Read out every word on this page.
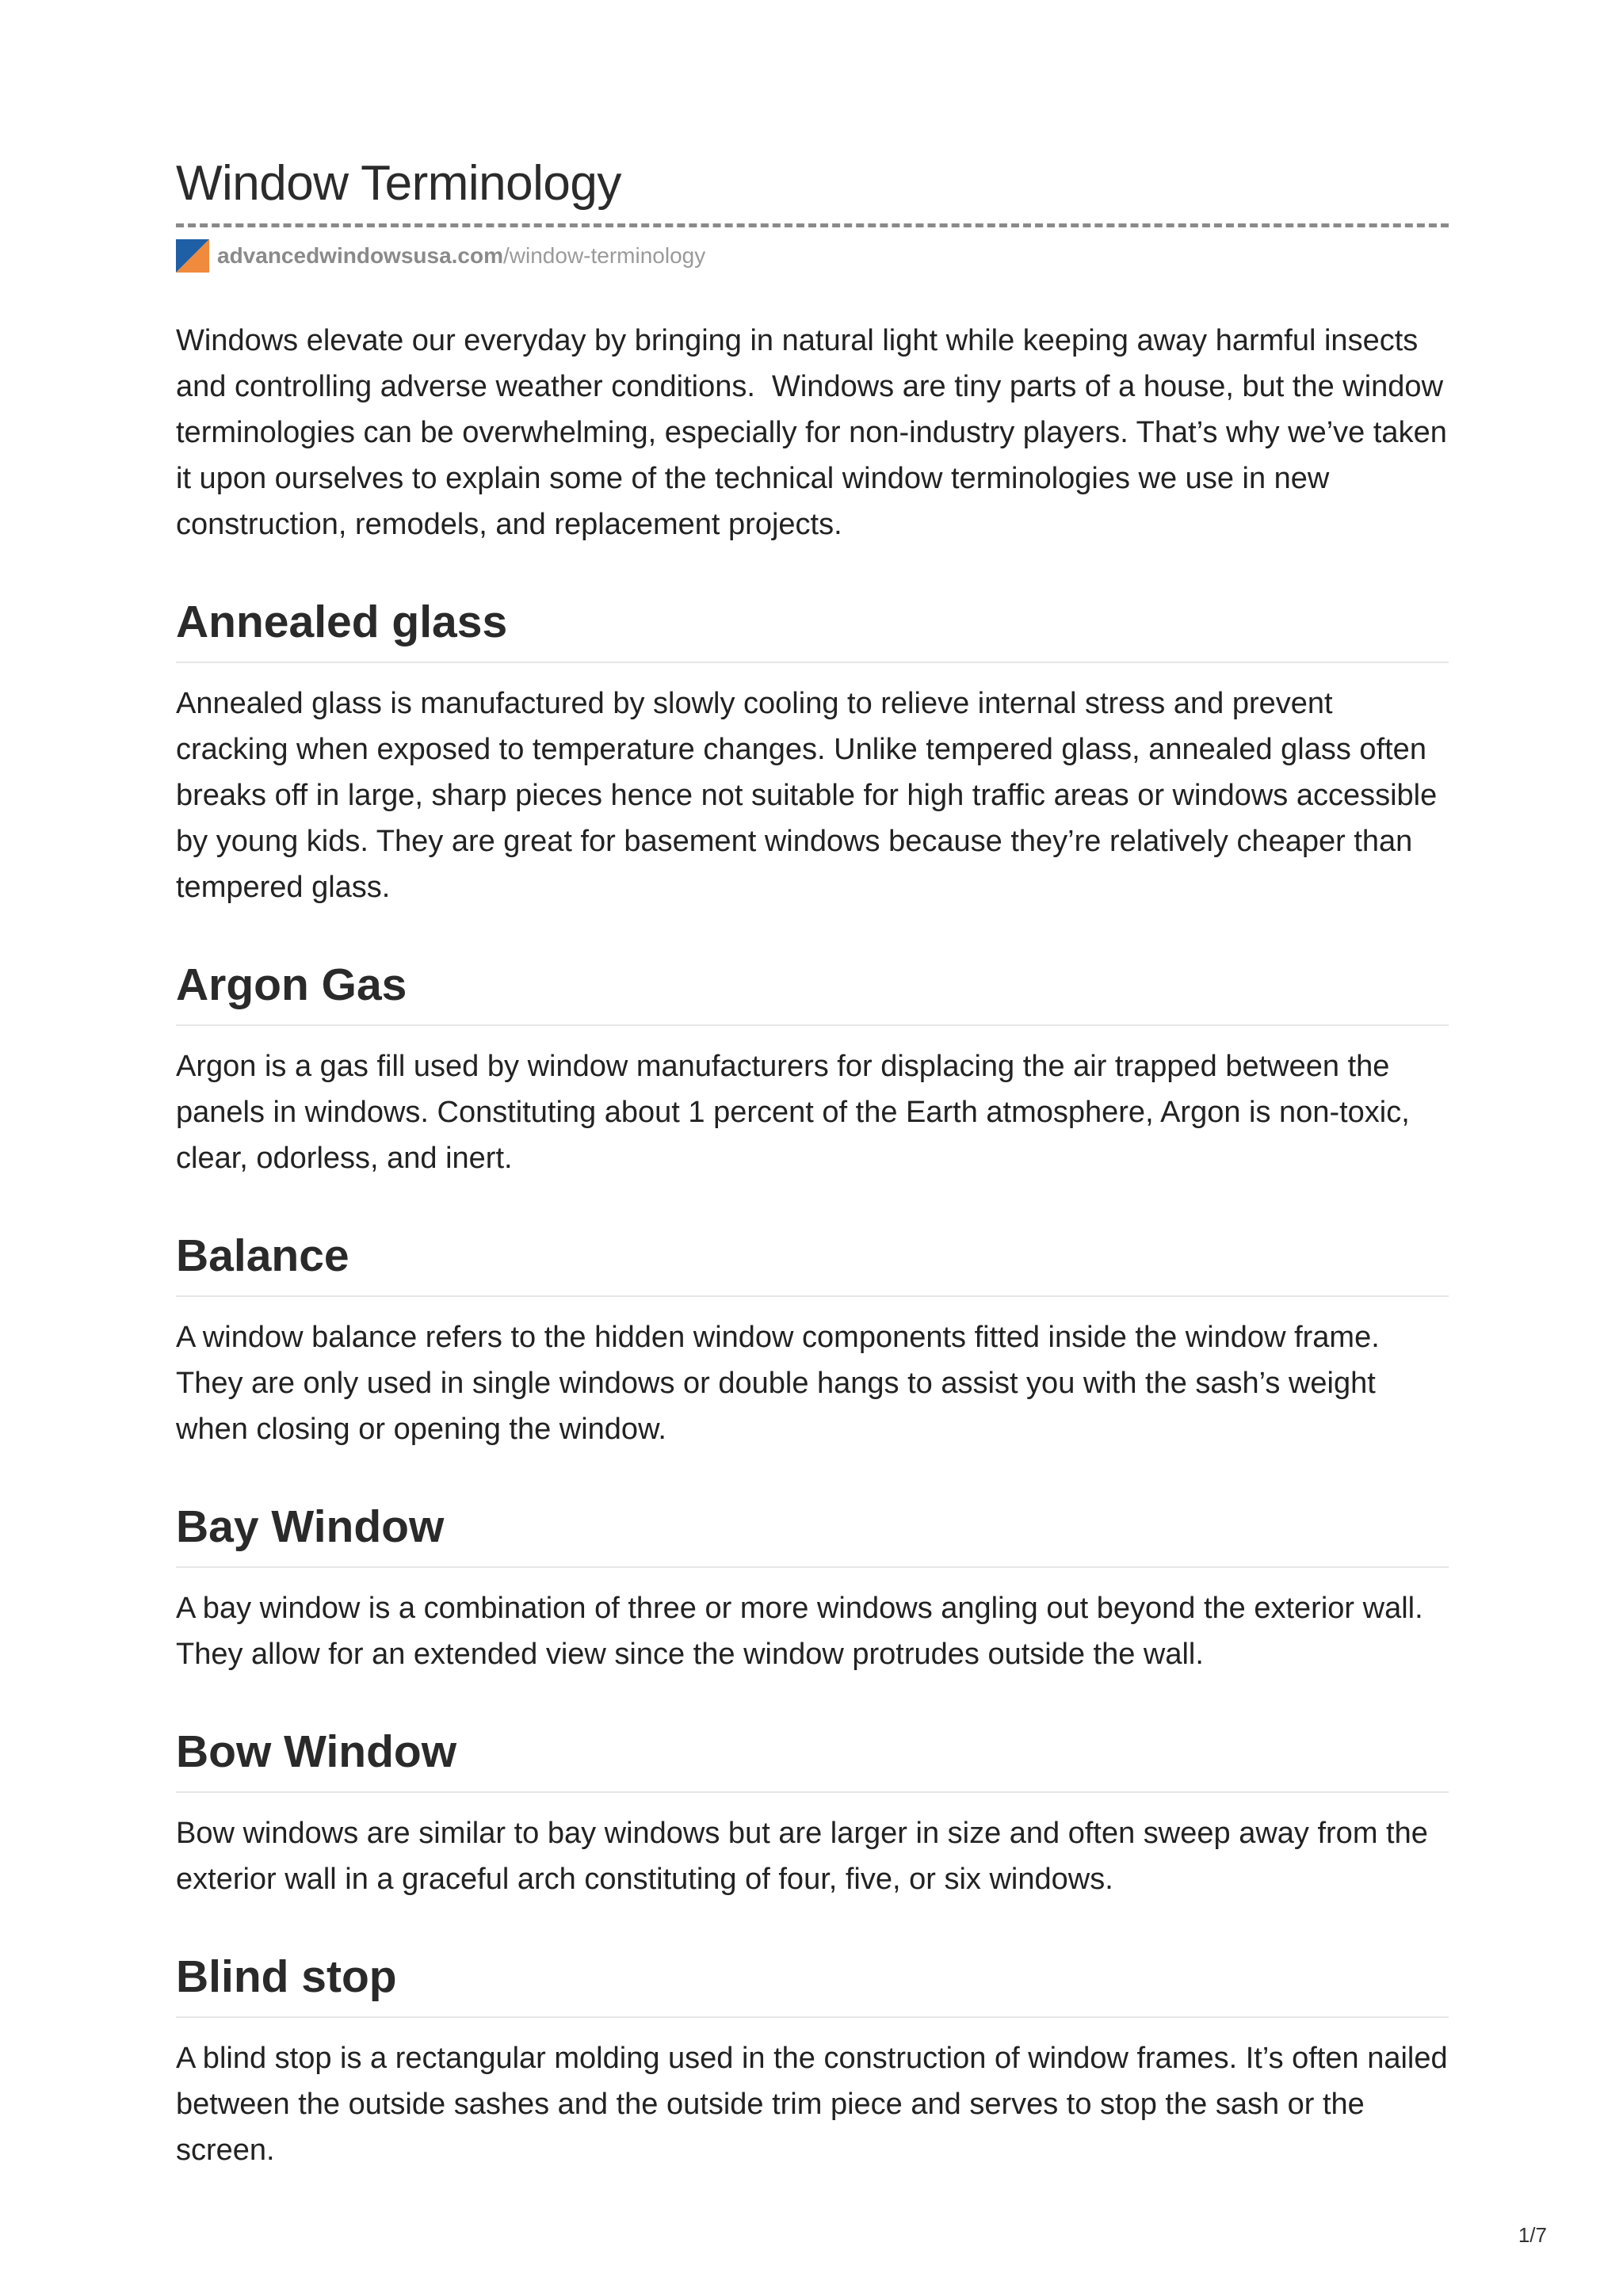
Window Terminology
advancedwindowsusa.com/window-terminology

Windows elevate our everyday by bringing in natural light while keeping away harmful insects and controlling adverse weather conditions.  Windows are tiny parts of a house, but the window terminologies can be overwhelming, especially for non-industry players. That’s why we’ve taken it upon ourselves to explain some of the technical window terminologies we use in new construction, remodels, and replacement projects.

Annealed glass

Annealed glass is manufactured by slowly cooling to relieve internal stress and prevent cracking when exposed to temperature changes. Unlike tempered glass, annealed glass often breaks off in large, sharp pieces hence not suitable for high traffic areas or windows accessible by young kids. They are great for basement windows because they’re relatively cheaper than tempered glass.

Argon Gas

Argon is a gas fill used by window manufacturers for displacing the air trapped between the panels in windows. Constituting about 1 percent of the Earth atmosphere, Argon is non-toxic, clear, odorless, and inert.

Balance

A window balance refers to the hidden window components fitted inside the window frame. They are only used in single windows or double hangs to assist you with the sash’s weight when closing or opening the window.

Bay Window

A bay window is a combination of three or more windows angling out beyond the exterior wall. They allow for an extended view since the window protrudes outside the wall.

Bow Window

Bow windows are similar to bay windows but are larger in size and often sweep away from the exterior wall in a graceful arch constituting of four, five, or six windows.

Blind stop

A blind stop is a rectangular molding used in the construction of window frames. It’s often nailed between the outside sashes and the outside trim piece and serves to stop the sash or the screen.

1/7
